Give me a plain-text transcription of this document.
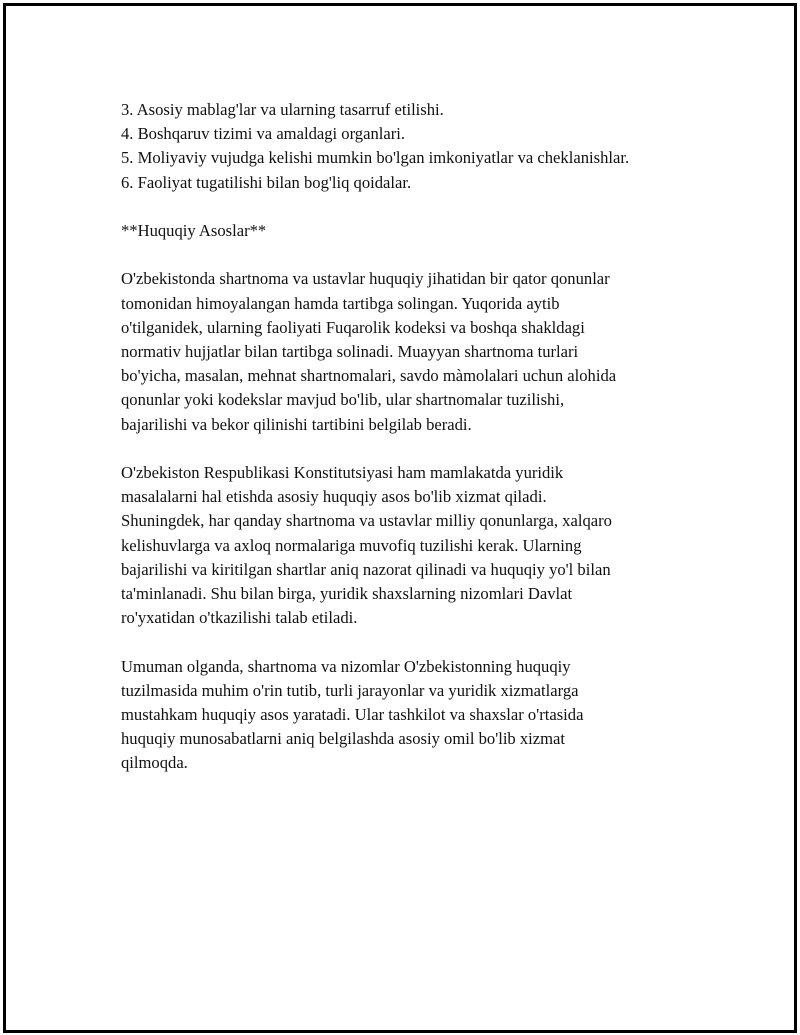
3. Asosiy mablag'lar va ularning tasarruf etilishi.
4. Boshqaruv tizimi va amaldagi organlari.
5. Moliyaviy vujudga kelishi mumkin bo'lgan imkoniyatlar va cheklanishlar.
6. Faoliyat tugatilishi bilan bog'liq qoidalar.
**Huquqiy Asoslar**

O'zbekistonda shartnoma va ustavlar huquqiy jihatidan bir qator qonunlar
tomonidan himoyalangan hamda tartibga solingan. Yuqorida aytib
o'tilganidek, ularning faoliyati Fuqarolik kodeksi va boshqa shakldagi
normativ hujjatlar bilan tartibga solinadi. Muayyan shartnoma turlari
bo'yicha, masalan, mehnat shartnomalari, savdo màmolalari uchun alohida
qonunlar yoki kodekslar mavjud bo'lib, ular shartnomalar tuzilishi,
bajarilishi va bekor qilinishi tartibini belgilab beradi.

O'zbekiston Respublikasi Konstitutsiyasi ham mamlakatda yuridik
masalalarni hal etishda asosiy huquqiy asos bo'lib xizmat qiladi.
Shuningdek, har qanday shartnoma va ustavlar milliy qonunlarga, xalqaro
kelishuvlarga va axloq normalariga muvofiq tuzilishi kerak. Ularning
bajarilishi va kiritilgan shartlar aniq nazorat qilinadi va huquqiy yo'l bilan
ta'minlanadi. Shu bilan birga, yuridik shaxslarning nizomlari Davlat
ro'yxatidan o'tkazilishi talab etiladi.

Umuman olganda, shartnoma va nizomlar O'zbekistonning huquqiy
tuzilmasida muhim o'rin tutib, turli jarayonlar va yuridik xizmatlarga
mustahkam huquqiy asos yaratadi. Ular tashkilot va shaxslar o'rtasida
huquqiy munosabatlarni aniq belgilashda asosiy omil bo'lib xizmat
qilmoqda.
